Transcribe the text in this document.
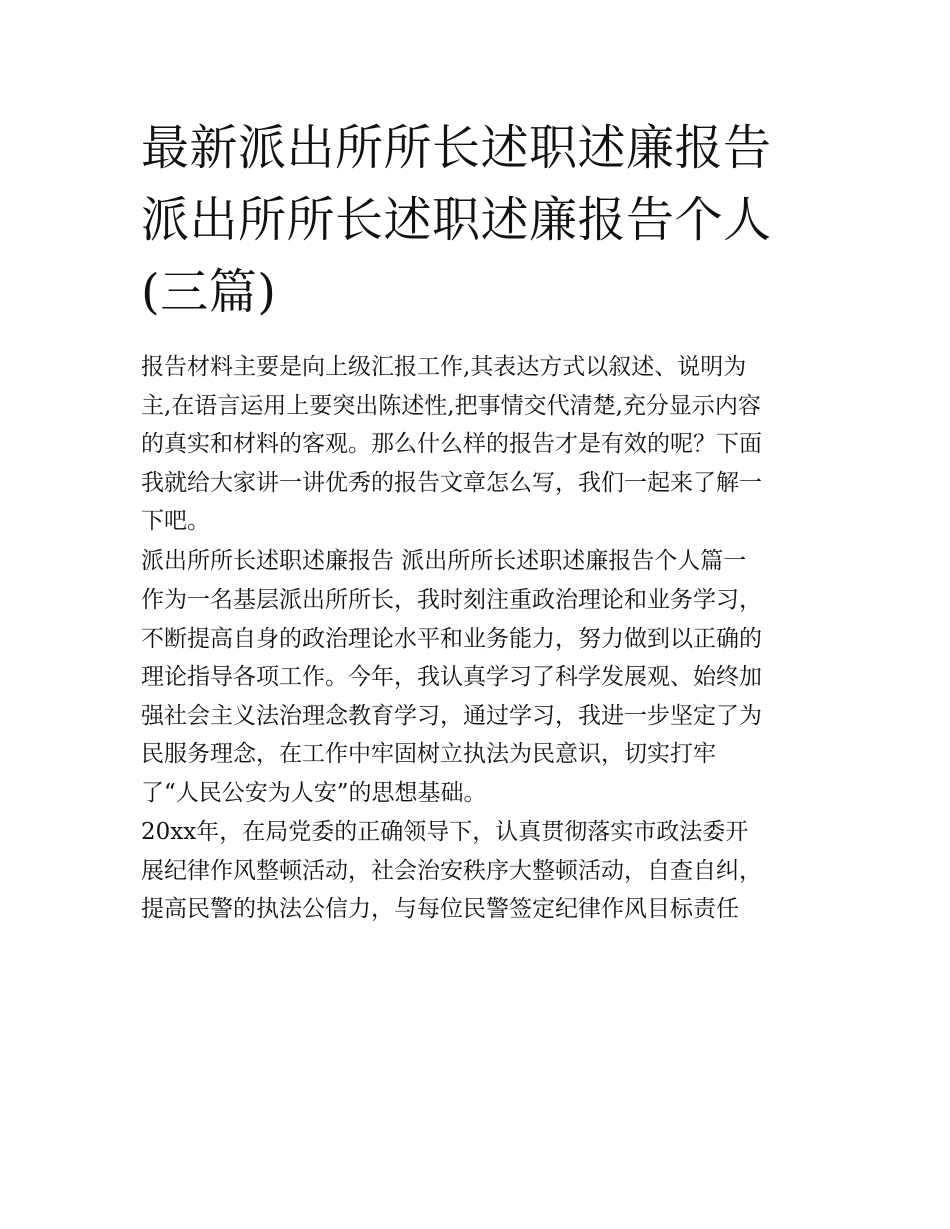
最新派出所所长述职述廉报告
派出所所长述职述廉报告个人
(三篇)

报告材料主要是向上级汇报工作,其表达方式以叙述、说明为
主,在语言运用上要突出陈述性,把事情交代清楚,充分显示内容
的真实和材料的客观。那么什么样的报告才是有效的呢？下面
我就给大家讲一讲优秀的报告文章怎么写，我们一起来了解一
下吧。

派出所所长述职述廉报告 派出所所长述职述廉报告个人篇一

作为一名基层派出所所长，我时刻注重政治理论和业务学习，
不断提高自身的政治理论水平和业务能力，努力做到以正确的
理论指导各项工作。今年，我认真学习了科学发展观、始终加
强社会主义法治理念教育学习，通过学习，我进一步坚定了为
民服务理念，在工作中牢固树立执法为民意识，切实打牢
了“人民公安为人安”的思想基础。

20xx年，在局党委的正确领导下，认真贯彻落实市政法委开
展纪律作风整顿活动，社会治安秩序大整顿活动，自查自纠，
提高民警的执法公信力，与每位民警签定纪律作风目标责任
